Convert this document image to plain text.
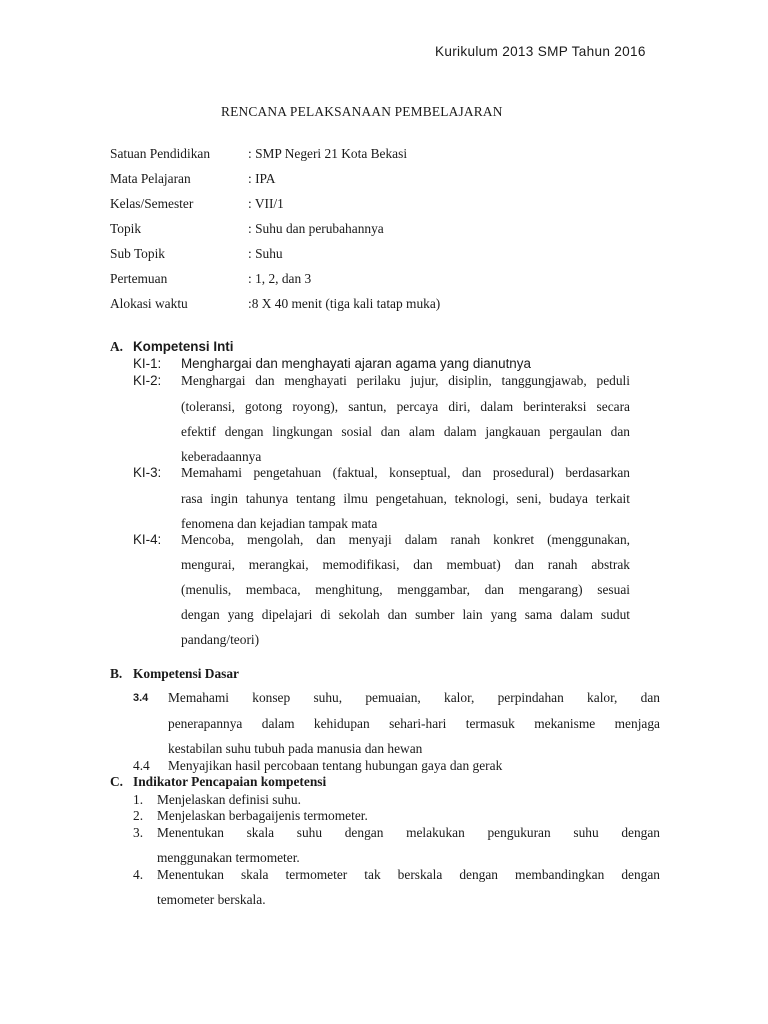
Kurikulum 2013 SMP Tahun 2016
RENCANA PELAKSANAAN PEMBELAJARAN
Satuan Pendidikan	: SMP Negeri 21 Kota Bekasi
Mata Pelajaran	: IPA
Kelas/Semester	: VII/1
Topik	: Suhu dan perubahannya
Sub Topik	: Suhu
Pertemuan	: 1, 2, dan 3
Alokasi waktu	:8 X 40 menit (tiga kali tatap muka)
A. Kompetensi Inti
KI-1: Menghargai dan menghayati ajaran agama yang dianutnya
KI-2: Menghargai dan menghayati perilaku jujur, disiplin, tanggungjawab, peduli
(toleransi, gotong royong), santun, percaya diri, dalam berinteraksi secara
efektif dengan lingkungan sosial dan alam dalam jangkauan pergaulan dan
keberadaannya
KI-3: Memahami pengetahuan (faktual, konseptual, dan prosedural) berdasarkan
rasa ingin tahunya tentang ilmu pengetahuan, teknologi, seni, budaya terkait
fenomena dan kejadian tampak mata
KI-4: Mencoba, mengolah, dan menyaji dalam ranah konkret (menggunakan,
mengurai, merangkai, memodifikasi, dan membuat) dan ranah abstrak
(menulis, membaca, menghitung, menggambar, dan mengarang) sesuai
dengan yang dipelajari di sekolah dan sumber lain yang sama dalam sudut
pandang/teori)
B. Kompetensi Dasar
3.4 Memahami konsep suhu, pemuaian, kalor, perpindahan kalor, dan
penerapannya dalam kehidupan sehari-hari termasuk mekanisme menjaga
kestabilan suhu tubuh pada manusia dan hewan
4.4 Menyajikan hasil percobaan tentang hubungan gaya dan gerak
C. Indikator Pencapaian kompetensi
1. Menjelaskan definisi suhu.
2. Menjelaskan berbagaijenis termometer.
3. Menentukan skala suhu dengan melakukan pengukuran suhu dengan
menggunakan termometer.
4. Menentukan skala termometer tak berskala dengan membandingkan dengan
temometer berskala.
